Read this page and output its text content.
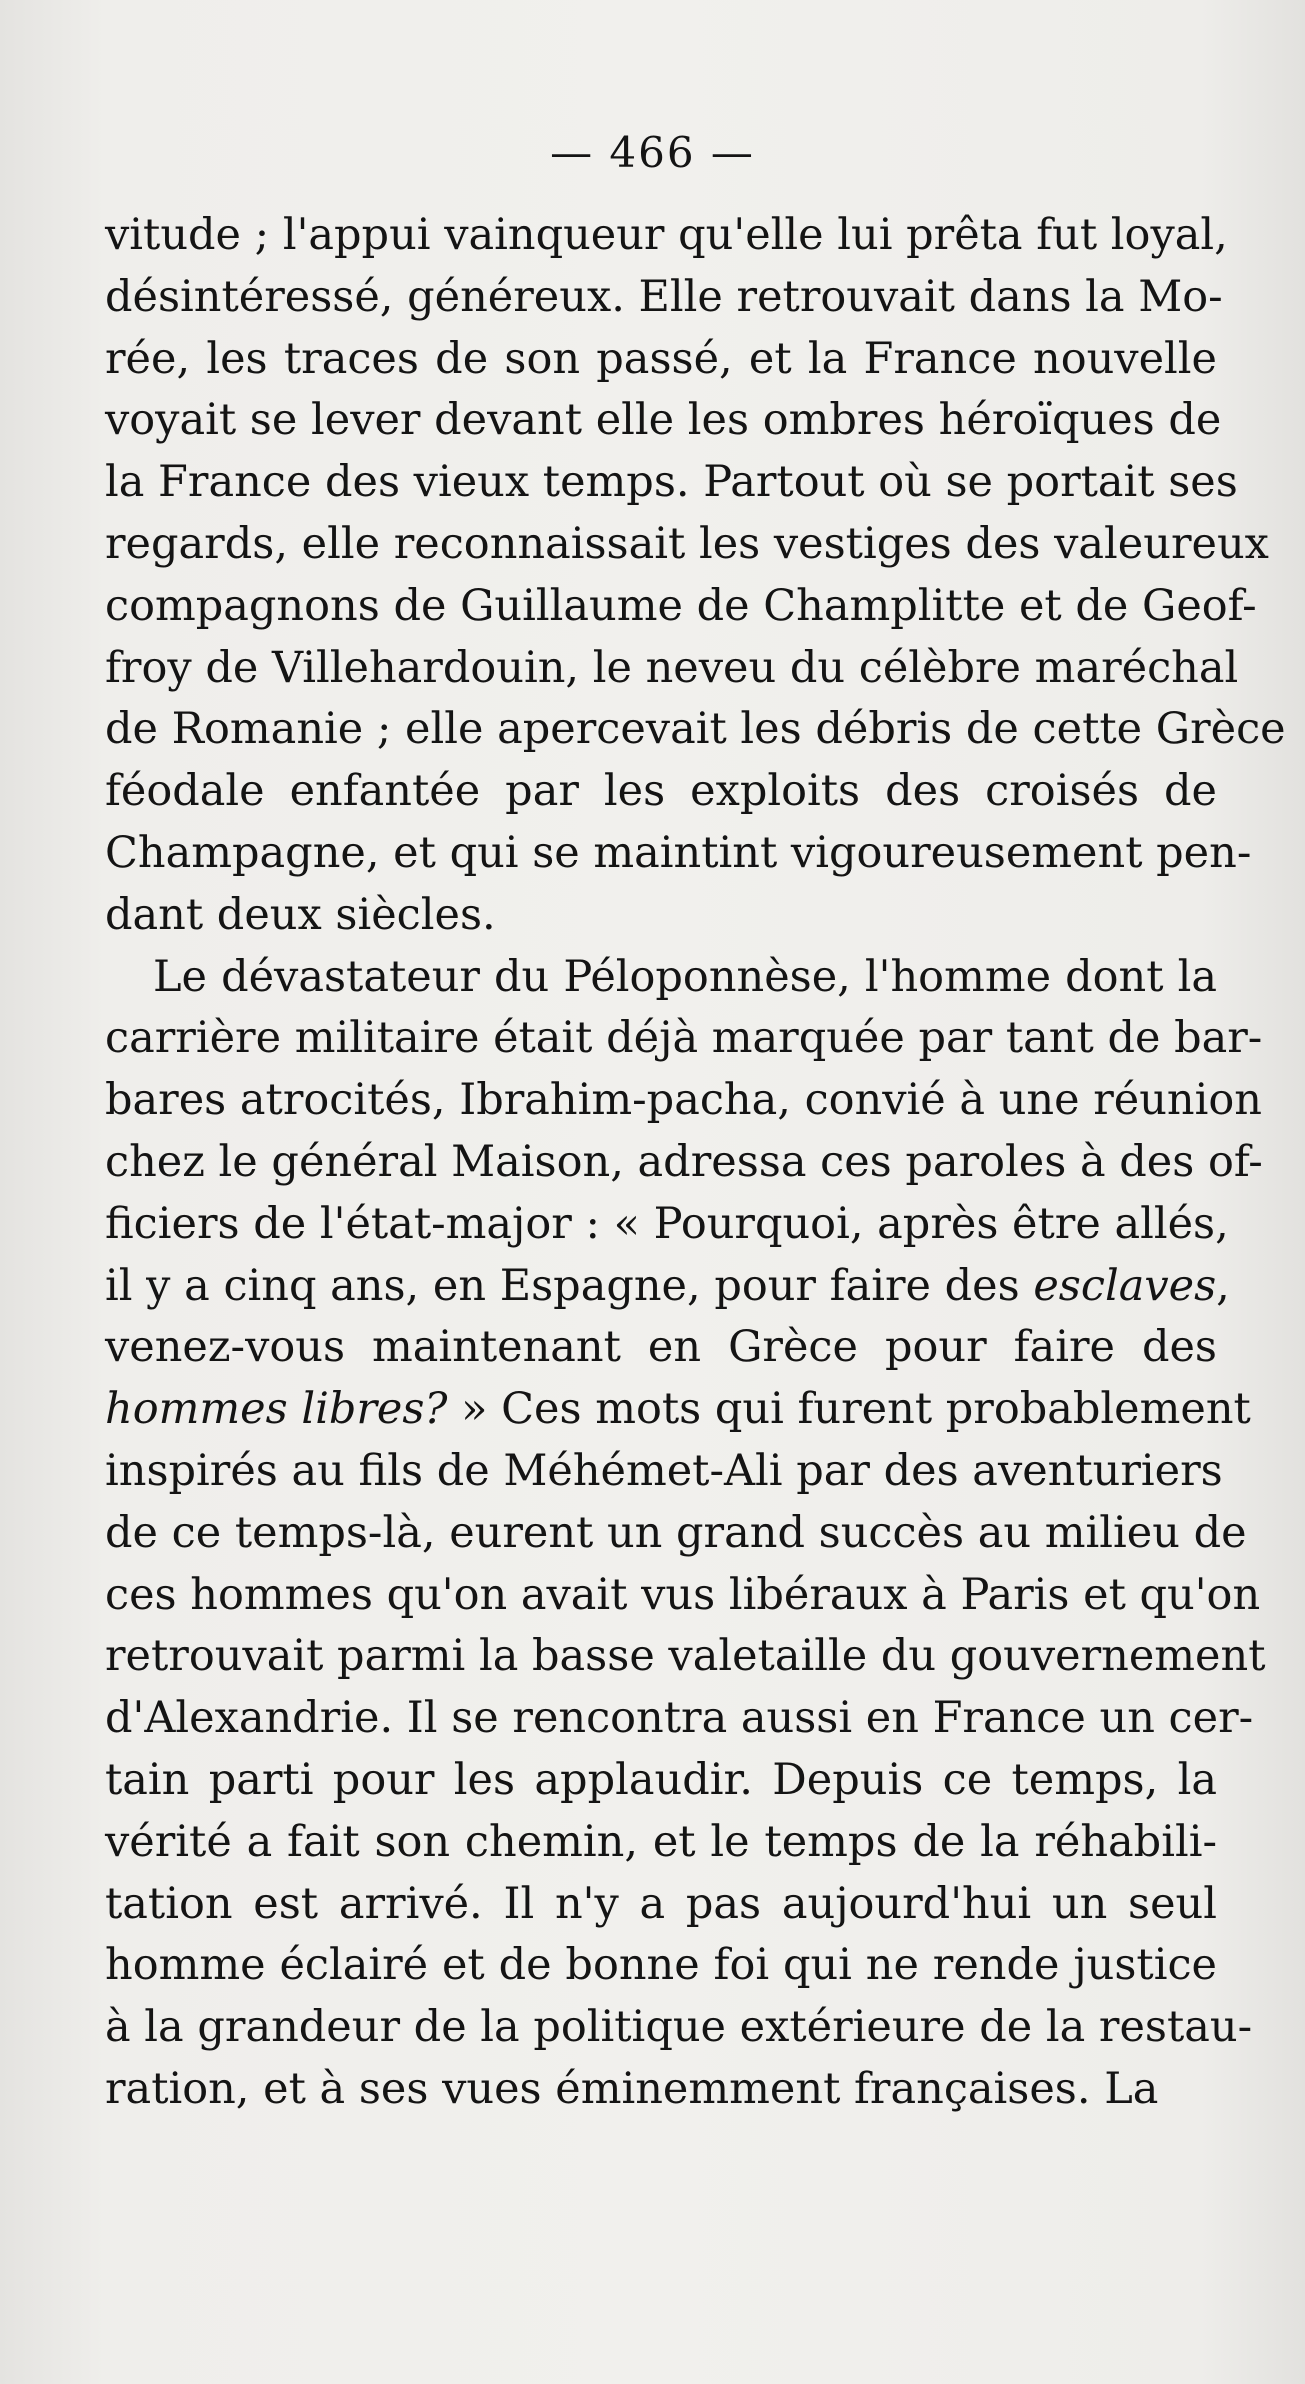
— 466 —
vitude ; l'appui vainqueur qu'elle lui prêta fut loyal,
désintéressé, généreux. Elle retrouvait dans la Mo-
rée, les traces de son passé, et la France nouvelle
voyait se lever devant elle les ombres héroïques de
la France des vieux temps. Partout où se portait ses
regards, elle reconnaissait les vestiges des valeureux
compagnons de Guillaume de Champlitte et de Geof-
froy de Villehardouin, le neveu du célèbre maréchal
de Romanie ; elle apercevait les débris de cette Grèce
féodale enfantée par les exploits des croisés de
Champagne, et qui se maintint vigoureusement pen-
dant deux siècles.
Le dévastateur du Péloponnèse, l'homme dont la
carrière militaire était déjà marquée par tant de bar-
bares atrocités, Ibrahim-pacha, convié à une réunion
chez le général Maison, adressa ces paroles à des of-
ficiers de l'état-major : « Pourquoi, après être allés,
il y a cinq ans, en Espagne, pour faire des esclaves,
venez-vous maintenant en Grèce pour faire des
hommes libres? » Ces mots qui furent probablement
inspirés au fils de Méhémet-Ali par des aventuriers
de ce temps-là, eurent un grand succès au milieu de
ces hommes qu'on avait vus libéraux à Paris et qu'on
retrouvait parmi la basse valetaille du gouvernement
d'Alexandrie. Il se rencontra aussi en France un cer-
tain parti pour les applaudir. Depuis ce temps, la
vérité a fait son chemin, et le temps de la réhabili-
tation est arrivé. Il n'y a pas aujourd'hui un seul
homme éclairé et de bonne foi qui ne rende justice
à la grandeur de la politique extérieure de la restau-
ration, et à ses vues éminemment françaises. La
